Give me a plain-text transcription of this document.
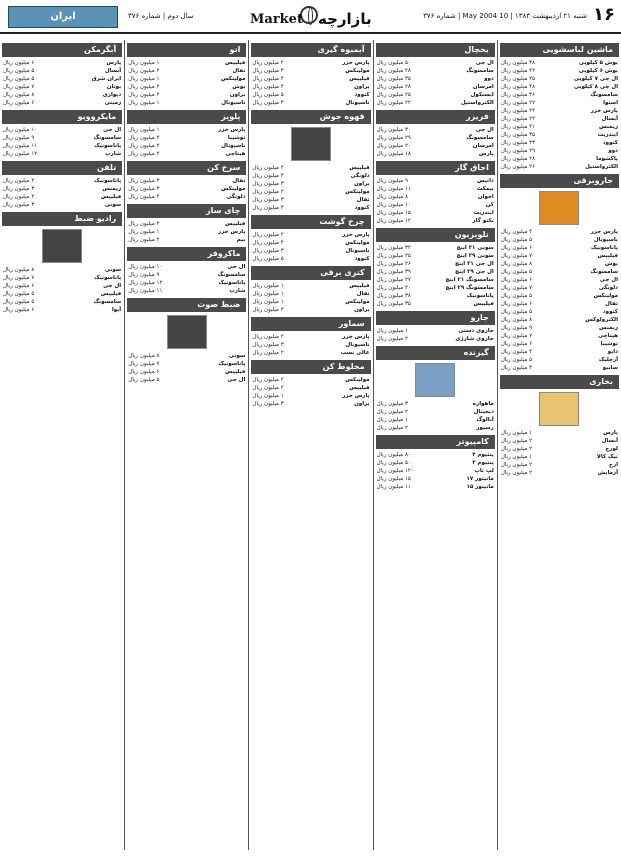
۱۶
شنبه ۲۱ اردیبهشت ۱۳۸۳ | 10 May 2004 | شماره ۳۷۶
بازارچه
Market
سال دوم | شماره ۳۷۶
ایران
ماشین لباسشویی
بوش ۵ کیلویی
۳۸ میلیون ریال
بوش ۶ کیلویی
۴۲ میلیون ریال
ال جی ۷ کیلویی
۴۵ میلیون ریال
ال جی ۸ کیلویی
۴۸ میلیون ریال
سامسونگ
۳۶ میلیون ریال
اسنوا
۲۷ میلیون ریال
پارس خزر
۲۴ میلیون ریال
آبسال
۲۲ میلیون ریال
زیمنس
۴۱ میلیون ریال
ایندزیت
۳۵ میلیون ریال
کنوود
۳۳ میلیون ریال
دوو
۲۹ میلیون ریال
پاکشوما
۲۸ میلیون ریال
الکترواستیل
۲۶ میلیون ریال
جاروبرقی
پارس خزر
۴ میلیون ریال
ناسیونال
۵ میلیون ریال
پاناسونیک
۶ میلیون ریال
فیلیپس
۷ میلیون ریال
بوش
۸ میلیون ریال
سامسونگ
۵ میلیون ریال
ال جی
۶ میلیون ریال
دلونگی
۷ میلیون ریال
مولینکس
۵ میلیون ریال
تفال
۶ میلیون ریال
کنوود
۵ میلیون ریال
الکترولوکس
۸ میلیون ریال
زیمنس
۹ میلیون ریال
هیتاچی
۷ میلیون ریال
توشیبا
۶ میلیون ریال
دایو
۴ میلیون ریال
آرچلیک
۵ میلیون ریال
سانیو
۴ میلیون ریال
بخاری
پارس
۱ میلیون ریال
آبسال
۲ میلیون ریال
لورچ
۲ میلیون ریال
نیک کالا
۱ میلیون ریال
ارج
۲ میلیون ریال
آزمایش
۲ میلیون ریال
یخچال
ال جی
۵۰ میلیون ریال
سامسونگ
۴۸ میلیون ریال
دوو
۳۵ میلیون ریال
امرسان
۲۸ میلیون ریال
ایستکول
۲۵ میلیون ریال
الکترواستیل
۲۲ میلیون ریال
فریزر
ال جی
۳۰ میلیون ریال
سامسونگ
۲۹ میلیون ریال
امرسان
۲۰ میلیون ریال
پارس
۱۸ میلیون ریال
اجاق گاز
داتیس
۹ میلیون ریال
بیمکث
۱۱ میلیون ریال
اخوان
۸ میلیون ریال
کن
۱۰ میلیون ریال
ایندزیت
۱۵ میلیون ریال
تکنو گاز
۱۲ میلیون ریال
تلویزیون
سونی ۲۱ اینچ
۳۲ میلیون ریال
سونی ۲۹ اینچ
۴۵ میلیون ریال
ال جی ۲۱ اینچ
۲۶ میلیون ریال
ال جی ۲۹ اینچ
۳۹ میلیون ریال
سامسونگ ۲۱ اینچ
۲۷ میلیون ریال
سامسونگ ۲۹ اینچ
۴۰ میلیون ریال
پاناسونیک
۳۸ میلیون ریال
فیلیپس
۳۵ میلیون ریال
جارو
جاروی دستی
۱ میلیون ریال
جاروی شارژی
۲ میلیون ریال
گیرنده
ماهواره
۳ میلیون ریال
دیجیتال
۲ میلیون ریال
آنالوگ
۱ میلیون ریال
رسیور
۲ میلیون ریال
کامپیوتر
پنتیوم ۴
۸۰ میلیون ریال
پنتیوم ۳
۵۰ میلیون ریال
لپ تاپ
۱۲۰ میلیون ریال
مانیتور ۱۷
۱۵ میلیون ریال
مانیتور ۱۵
۱۱ میلیون ریال
آبمیوه گیری
پارس خزر
۲ میلیون ریال
مولینکس
۳ میلیون ریال
فیلیپس
۴ میلیون ریال
براون
۴ میلیون ریال
کنوود
۵ میلیون ریال
ناسیونال
۳ میلیون ریال
قهوه جوش
فیلیپس
۲ میلیون ریال
دلونگی
۴ میلیون ریال
براون
۳ میلیون ریال
مولینکس
۲ میلیون ریال
تفال
۳ میلیون ریال
کنوود
۴ میلیون ریال
چرخ گوشت
پارس خزر
۲ میلیون ریال
مولینکس
۴ میلیون ریال
ناسیونال
۳ میلیون ریال
کنوود
۵ میلیون ریال
کتری برقی
فیلیپس
۱ میلیون ریال
تفال
۱ میلیون ریال
مولینکس
۱ میلیون ریال
براون
۲ میلیون ریال
سماور
پارس خزر
۲ میلیون ریال
ناسیونال
۳ میلیون ریال
عالی نسب
۲ میلیون ریال
مخلوط کن
مولینکس
۲ میلیون ریال
فیلیپس
۲ میلیون ریال
پارس خزر
۱ میلیون ریال
براون
۳ میلیون ریال
اتو
فیلیپس
۱ میلیون ریال
تفال
۲ میلیون ریال
مولینکس
۱ میلیون ریال
بوش
۲ میلیون ریال
براون
۲ میلیون ریال
ناسیونال
۱ میلیون ریال
پلوپز
پارس خزر
۱ میلیون ریال
توشیبا
۲ میلیون ریال
ناسیونال
۲ میلیون ریال
هیتاچی
۲ میلیون ریال
سرخ کن
تفال
۳ میلیون ریال
مولینکس
۳ میلیون ریال
دلونگی
۴ میلیون ریال
چای ساز
فیلیپس
۲ میلیون ریال
پارس خزر
۱ میلیون ریال
بیم
۲ میلیون ریال
ماکروفر
ال جی
۱۰ میلیون ریال
سامسونگ
۹ میلیون ریال
پاناسونیک
۱۲ میلیون ریال
شارپ
۱۱ میلیون ریال
ضبط صوت
سونی
۸ میلیون ریال
پاناسونیک
۷ میلیون ریال
فیلیپس
۶ میلیون ریال
ال جی
۵ میلیون ریال
آبگرمکن
پارس
۶ میلیون ریال
آبسال
۵ میلیون ریال
ایران شرق
۵ میلیون ریال
بوتان
۷ میلیون ریال
دیواری
۸ میلیون ریال
زمینی
۶ میلیون ریال
مایکروویو
ال جی
۱۰ میلیون ریال
سامسونگ
۹ میلیون ریال
پاناسونیک
۱۱ میلیون ریال
شارپ
۱۲ میلیون ریال
تلفن
پاناسونیک
۲ میلیون ریال
زیمنس
۳ میلیون ریال
فیلیپس
۲ میلیون ریال
سونی
۳ میلیون ریال
رادیو ضبط
سونی
۸ میلیون ریال
پاناسونیک
۷ میلیون ریال
ال جی
۶ میلیون ریال
فیلیپس
۵ میلیون ریال
سامسونگ
۵ میلیون ریال
آیوا
۶ میلیون ریال
